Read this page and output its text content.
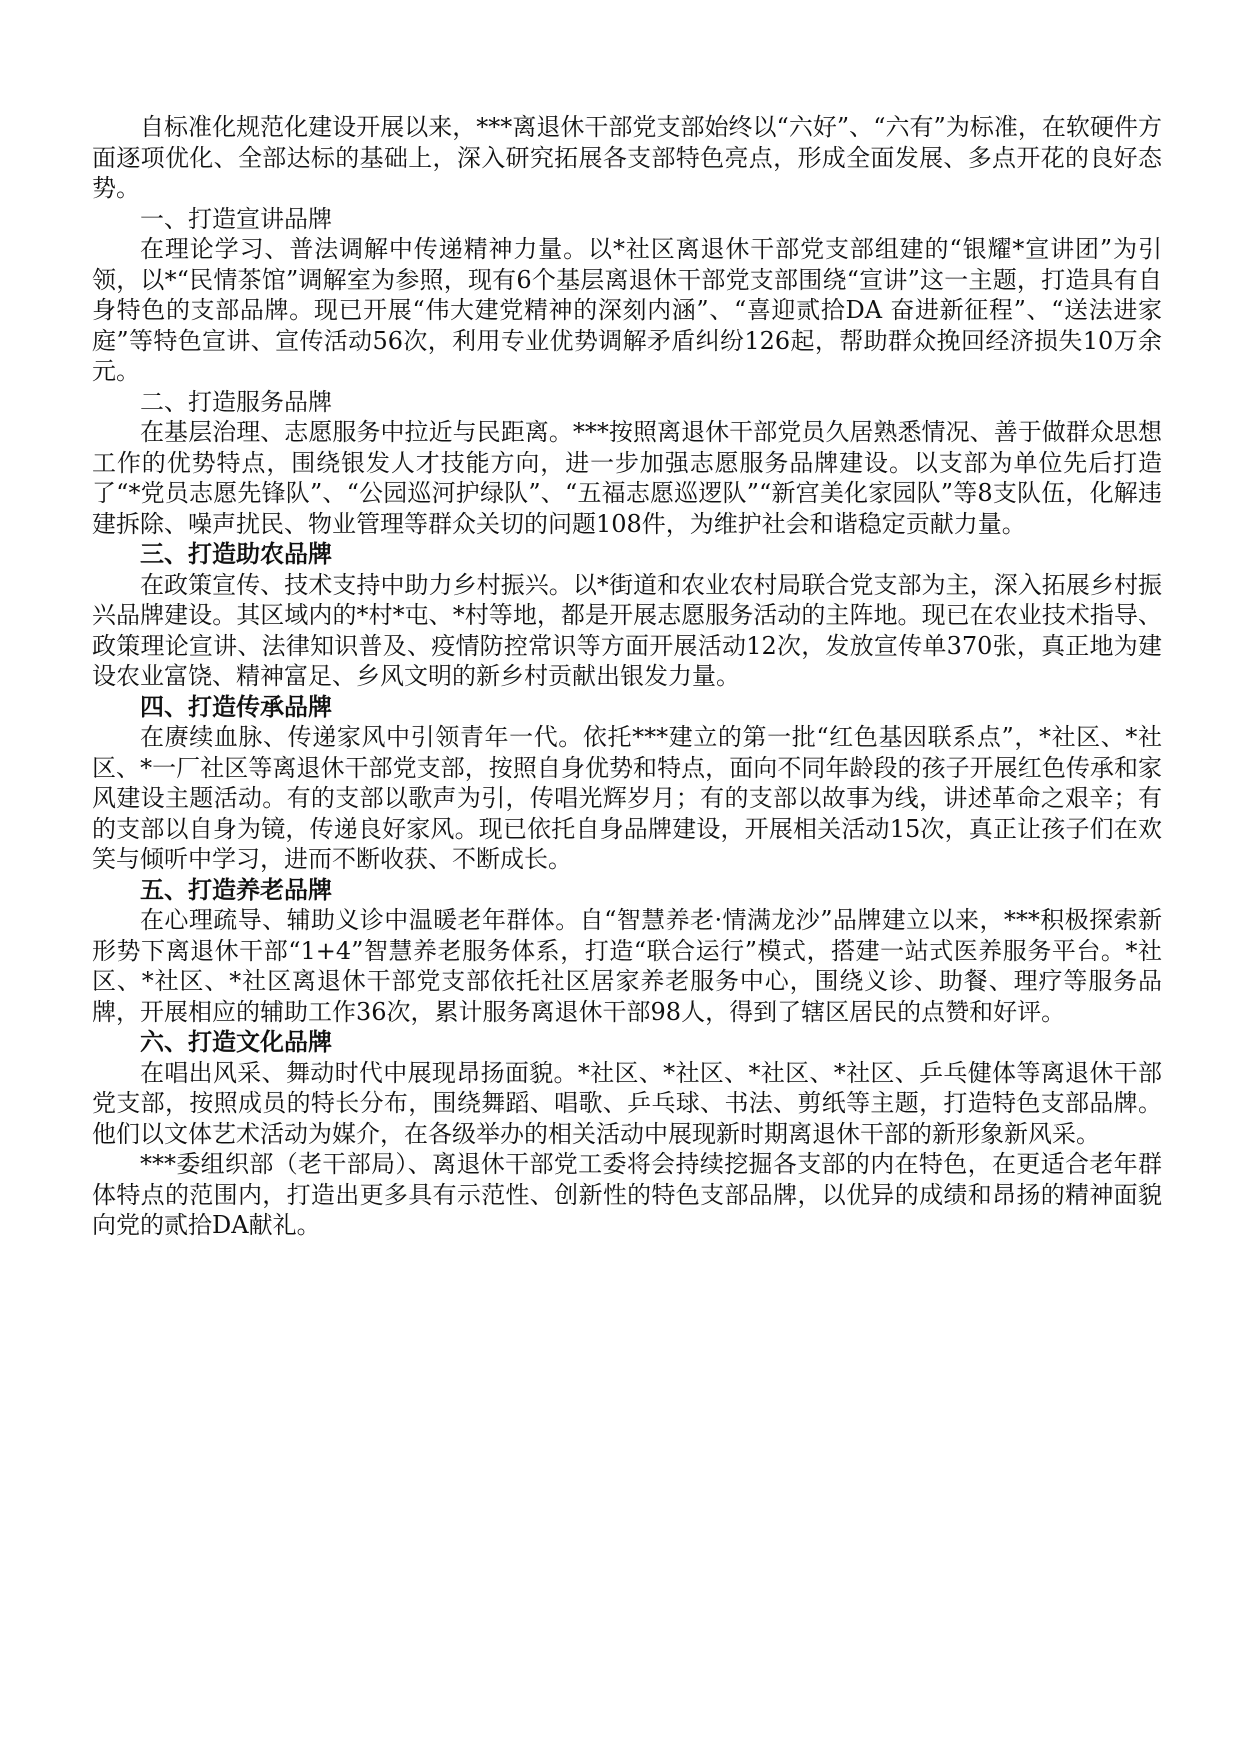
自标准化规范化建设开展以来，***离退休干部党支部始终以“六好”、“六有”为标准，在软硬件方面逐项优化、全部达标的基础上，深入研究拓展各支部特色亮点，形成全面发展、多点开花的良好态势。

一、打造宣讲品牌

在理论学习、普法调解中传递精神力量。以*社区离退休干部党支部组建的“银耀*宣讲团”为引领，以*“民情茶馆”调解室为参照，现有6个基层离退休干部党支部围绕“宣讲”这一主题，打造具有自身特色的支部品牌。现已开展“伟大建党精神的深刻内涵”、“喜迎贰拾DA 奋进新征程”、“送法进家庭”等特色宣讲、宣传活动56次，利用专业优势调解矛盾纠纷126起，帮助群众挽回经济损失10万余元。

二、打造服务品牌

在基层治理、志愿服务中拉近与民距离。***按照离退休干部党员久居熟悉情况、善于做群众思想工作的优势特点，围绕银发人才技能方向，进一步加强志愿服务品牌建设。以支部为单位先后打造了“*党员志愿先锋队”、“公园巡河护绿队”、“五福志愿巡逻队”“新宫美化家园队”等8支队伍，化解违建拆除、噪声扰民、物业管理等群众关切的问题108件，为维护社会和谐稳定贡献力量。

三、打造助农品牌

在政策宣传、技术支持中助力乡村振兴。以*街道和农业农村局联合党支部为主，深入拓展乡村振兴品牌建设。其区域内的*村*屯、*村等地，都是开展志愿服务活动的主阵地。现已在农业技术指导、政策理论宣讲、法律知识普及、疫情防控常识等方面开展活动12次，发放宣传单370张，真正地为建设农业富饶、精神富足、乡风文明的新乡村贡献出银发力量。

四、打造传承品牌

在赓续血脉、传递家风中引领青年一代。依托***建立的第一批“红色基因联系点”，*社区、*社区、*一厂社区等离退休干部党支部，按照自身优势和特点，面向不同年龄段的孩子开展红色传承和家风建设主题活动。有的支部以歌声为引，传唱光辉岁月；有的支部以故事为线，讲述革命之艰辛；有的支部以自身为镜，传递良好家风。现已依托自身品牌建设，开展相关活动15次，真正让孩子们在欢笑与倾听中学习，进而不断收获、不断成长。

五、打造养老品牌

在心理疏导、辅助义诊中温暖老年群体。自“智慧养老·情满龙沙”品牌建立以来，***积极探索新形势下离退休干部“1+4”智慧养老服务体系，打造“联合运行”模式，搭建一站式医养服务平台。*社区、*社区、*社区离退休干部党支部依托社区居家养老服务中心，围绕义诊、助餐、理疗等服务品牌，开展相应的辅助工作36次，累计服务离退休干部98人，得到了辖区居民的点赞和好评。

六、打造文化品牌

在唱出风采、舞动时代中展现昂扬面貌。*社区、*社区、*社区、*社区、乒乓健体等离退休干部党支部，按照成员的特长分布，围绕舞蹈、唱歌、乒乓球、书法、剪纸等主题，打造特色支部品牌。他们以文体艺术活动为媒介，在各级举办的相关活动中展现新时期离退休干部的新形象新风采。

***委组织部（老干部局）、离退休干部党工委将会持续挖掘各支部的内在特色，在更适合老年群体特点的范围内，打造出更多具有示范性、创新性的特色支部品牌，以优异的成绩和昂扬的精神面貌向党的贰拾DA献礼。
